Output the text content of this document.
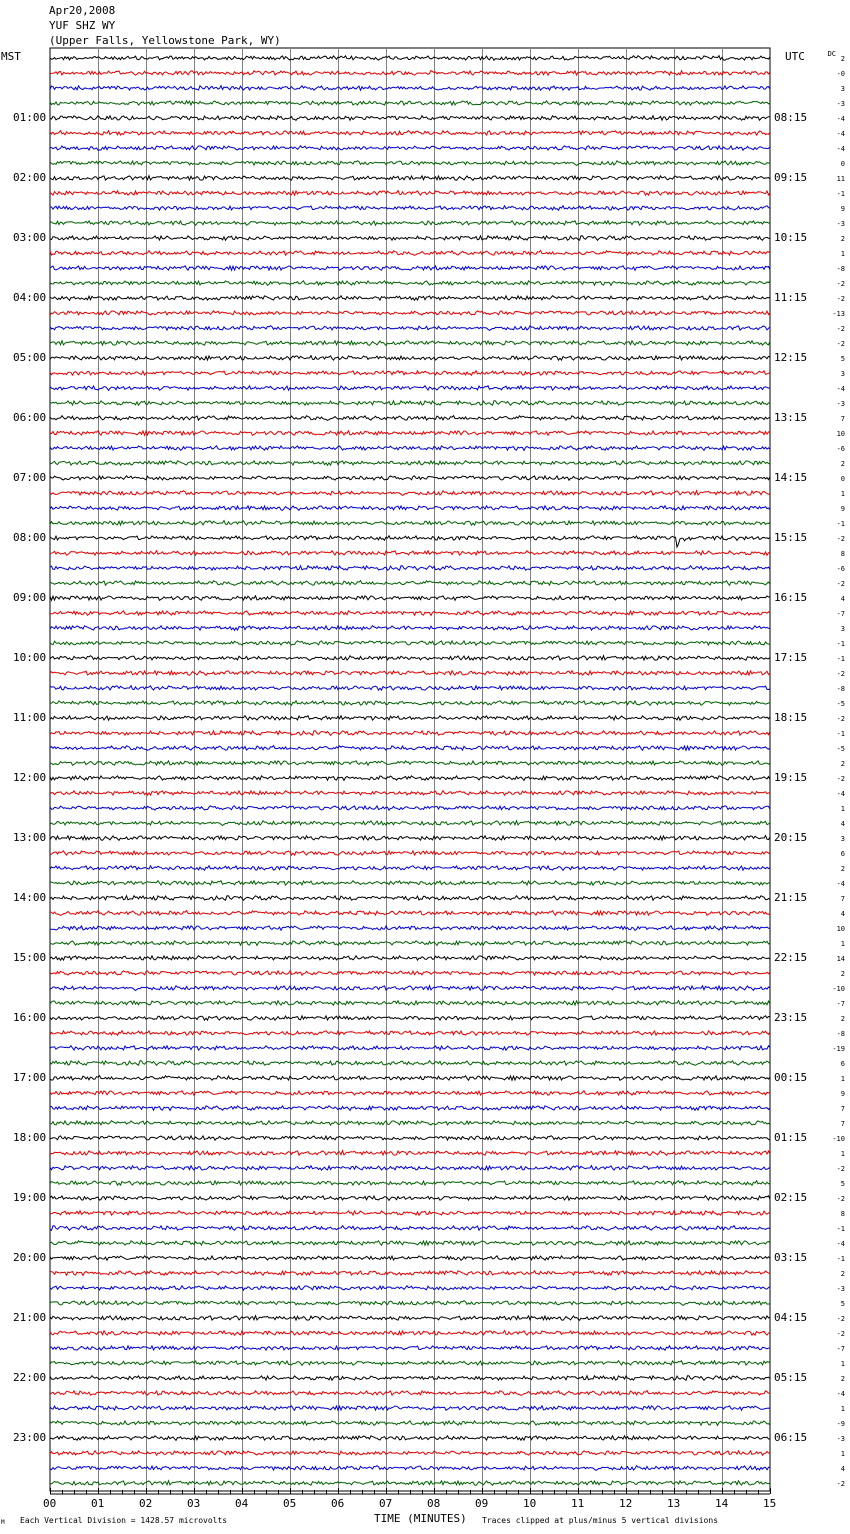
Apr20,2008
YUF SHZ WY
(Upper Falls, Yellowstone Park, WY)
MST	UTC	DC
01:00
02:00
03:00
04:00
05:00
06:00
07:00
08:00
09:00
10:00
11:00
12:00
13:00
14:00
15:00
16:00
17:00
18:00
19:00
20:00
21:00
22:00
23:00
08:15
09:15
10:15
11:15
12:15
13:15
14:15
15:15
16:15
17:15
18:15
19:15
20:15
21:15
22:15
23:15
00:15
01:15
02:15
03:15
04:15
05:15
06:15
2
-0
3
-3
-4
-4
-4
0
11
-1
9
-3
2
1
-8
-2
-2
-13
-2
-2
5
3
-4
-3
7
10
-6
2
0
1
9
-1
-2
8
-6
-2
4
-7
3
-1
-1
-2
-8
-5
-2
-1
-5
2
-2
-4
1
4
3
6
2
-4
7
4
10
1
14
2
-10
-7
2
-8
-19
6
1
9
7
7
-10
1
-2
5
-2
8
-1
-4
-1
2
-3
5
-2
-2
-7
1
2
-4
1
-9
-3
1
4
-2
00	01	02	03	04	05	06	07	08	09	10	11	12	13	14	15
TIME (MINUTES)
Each Vertical Division = 1428.57 microvolts	Traces clipped at plus/minus 5 vertical divisions
M
